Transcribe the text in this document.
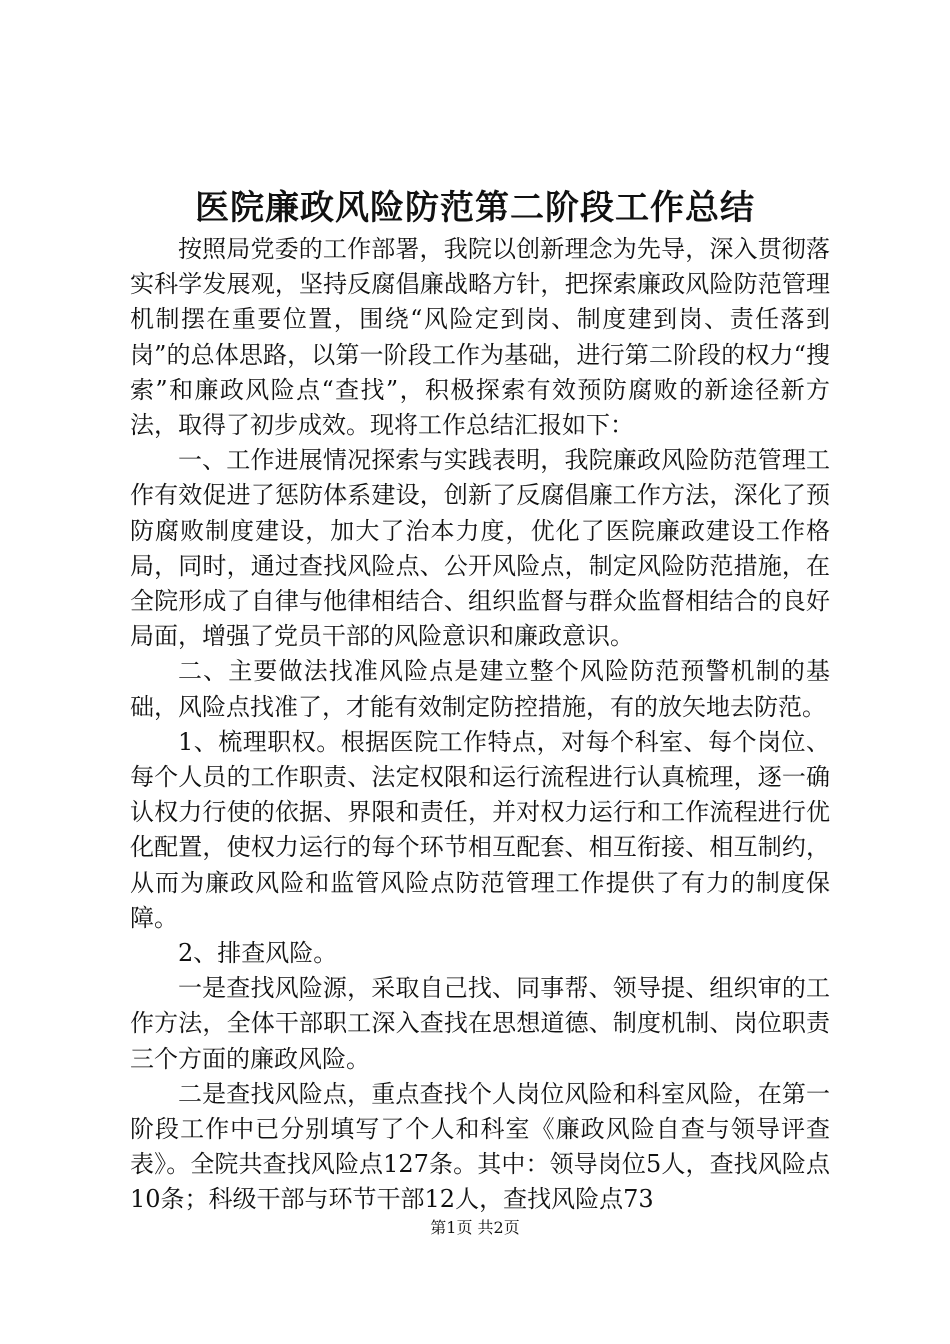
医院廉政风险防范第二阶段工作总结

按照局党委的工作部署，我院以创新理念为先导，深入贯彻落实科学发展观，坚持反腐倡廉战略方针，把探索廉政风险防范管理机制摆在重要位置，围绕“风险定到岗、制度建到岗、责任落到岗”的总体思路，以第一阶段工作为基础，进行第二阶段的权力“搜索”和廉政风险点“查找”，积极探索有效预防腐败的新途径新方法，取得了初步成效。现将工作总结汇报如下：

一、工作进展情况探索与实践表明，我院廉政风险防范管理工作有效促进了惩防体系建设，创新了反腐倡廉工作方法，深化了预防腐败制度建设，加大了治本力度，优化了医院廉政建设工作格局，同时，通过查找风险点、公开风险点，制定风险防范措施，在全院形成了自律与他律相结合、组织监督与群众监督相结合的良好局面，增强了党员干部的风险意识和廉政意识。

二、主要做法找准风险点是建立整个风险防范预警机制的基础，风险点找准了，才能有效制定防控措施，有的放矢地去防范。

1、梳理职权。根据医院工作特点，对每个科室、每个岗位、每个人员的工作职责、法定权限和运行流程进行认真梳理，逐一确认权力行使的依据、界限和责任，并对权力运行和工作流程进行优化配置，使权力运行的每个环节相互配套、相互衔接、相互制约，从而为廉政风险和监管风险点防范管理工作提供了有力的制度保障。

2、排查风险。

一是查找风险源，采取自己找、同事帮、领导提、组织审的工作方法，全体干部职工深入查找在思想道德、制度机制、岗位职责三个方面的廉政风险。

二是查找风险点，重点查找个人岗位风险和科室风险，在第一阶段工作中已分别填写了个人和科室《廉政风险自查与领导评查表》。全院共查找风险点127条。其中：领导岗位5人，查找风险点10条；科级干部与环节干部12人，查找风险点73

第1页 共2页
